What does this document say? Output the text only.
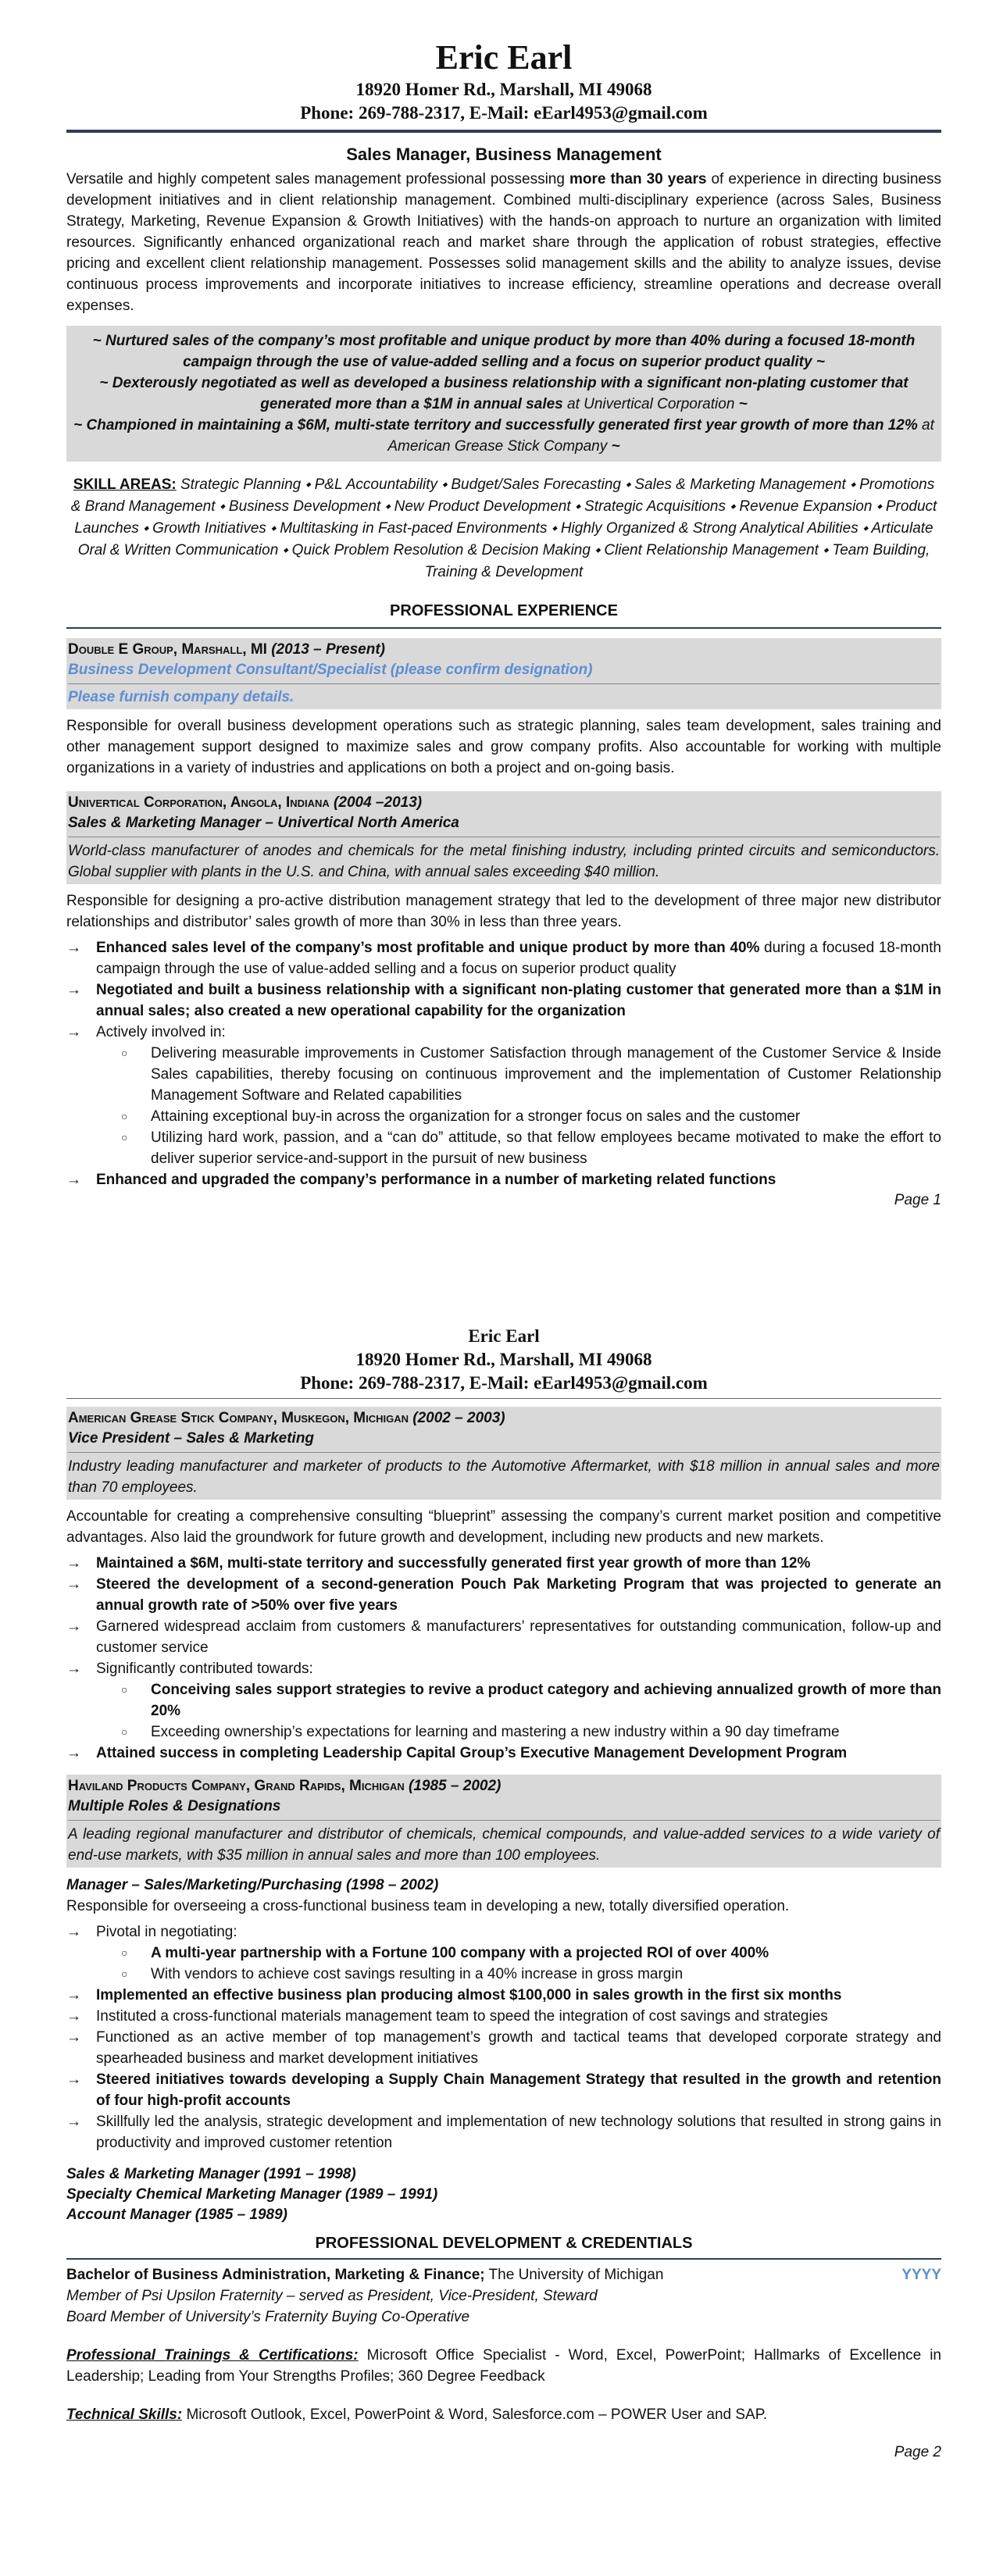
Eric Earl
18920 Homer Rd., Marshall, MI 49068
Phone: 269-788-2317, E-Mail: eEarl4953@gmail.com
Sales Manager, Business Management

Versatile and highly competent sales management professional possessing more than 30 years of experience in directing business development initiatives and in client relationship management. Combined multi-disciplinary experience (across Sales, Business Strategy, Marketing, Revenue Expansion & Growth Initiatives) with the hands-on approach to nurture an organization with limited resources. Significantly enhanced organizational reach and market share through the application of robust strategies, effective pricing and excellent client relationship management. Possesses solid management skills and the ability to analyze issues, devise continuous process improvements and incorporate initiatives to increase efficiency, streamline operations and decrease overall expenses.

~ Nurtured sales of the company’s most profitable and unique product by more than 40% during a focused 18-month campaign through the use of value-added selling and a focus on superior product quality ~
~ Dexterously negotiated as well as developed a business relationship with a significant non-plating customer that generated more than a $1M in annual sales at Univertical Corporation ~
~ Championed in maintaining a $6M, multi-state territory and successfully generated first year growth of more than 12% at American Grease Stick Company ~

SKILL AREAS: Strategic Planning ⬩ P&L Accountability ⬩ Budget/Sales Forecasting ⬩ Sales & Marketing Management ⬩ Promotions & Brand Management ⬩ Business Development ⬩ New Product Development ⬩ Strategic Acquisitions ⬩ Revenue Expansion ⬩ Product Launches ⬩ Growth Initiatives ⬩ Multitasking in Fast-paced Environments ⬩ Highly Organized & Strong Analytical Abilities ⬩ Articulate Oral & Written Communication ⬩ Quick Problem Resolution & Decision Making ⬩ Client Relationship Management ⬩ Team Building, Training & Development

PROFESSIONAL EXPERIENCE
Double E Group, Marshall, MI (2013 – Present)
Business Development Consultant/Specialist (please confirm designation)
Please furnish company details.

Responsible for overall business development operations such as strategic planning, sales team development, sales training and other management support designed to maximize sales and grow company profits. Also accountable for working with multiple organizations in a variety of industries and applications on both a project and on-going basis.

Univertical Corporation, Angola, Indiana (2004 –2013)
Sales & Marketing Manager – Univertical North America
World-class manufacturer of anodes and chemicals for the metal finishing industry, including printed circuits and semiconductors. Global supplier with plants in the U.S. and China, with annual sales exceeding $40 million.

Responsible for designing a pro-active distribution management strategy that led to the development of three major new distributor relationships and distributor’ sales growth of more than 30% in less than three years.

→ Enhanced sales level of the company’s most profitable and unique product by more than 40% during a focused 18-month campaign through the use of value-added selling and a focus on superior product quality
→ Negotiated and built a business relationship with a significant non-plating customer that generated more than a $1M in annual sales; also created a new operational capability for the organization
→ Actively involved in:
○ Delivering measurable improvements in Customer Satisfaction through management of the Customer Service & Inside Sales capabilities, thereby focusing on continuous improvement and the implementation of Customer Relationship Management Software and Related capabilities
○ Attaining exceptional buy-in across the organization for a stronger focus on sales and the customer
○ Utilizing hard work, passion, and a “can do” attitude, so that fellow employees became motivated to make the effort to deliver superior service-and-support in the pursuit of new business
→ Enhanced and upgraded the company’s performance in a number of marketing related functions
Page 1
Eric Earl
18920 Homer Rd., Marshall, MI 49068
Phone: 269-788-2317, E-Mail: eEarl4953@gmail.com
American Grease Stick Company, Muskegon, Michigan (2002 – 2003)
Vice President – Sales & Marketing
Industry leading manufacturer and marketer of products to the Automotive Aftermarket, with $18 million in annual sales and more than 70 employees.

Accountable for creating a comprehensive consulting “blueprint” assessing the company’s current market position and competitive advantages. Also laid the groundwork for future growth and development, including new products and new markets.

→ Maintained a $6M, multi-state territory and successfully generated first year growth of more than 12%
→ Steered the development of a second-generation Pouch Pak Marketing Program that was projected to generate an annual growth rate of >50% over five years
→ Garnered widespread acclaim from customers & manufacturers’ representatives for outstanding communication, follow-up and customer service
→ Significantly contributed towards:
○ Conceiving sales support strategies to revive a product category and achieving annualized growth of more than 20%
○ Exceeding ownership’s expectations for learning and mastering a new industry within a 90 day timeframe
→ Attained success in completing Leadership Capital Group’s Executive Management Development Program
Haviland Products Company, Grand Rapids, Michigan (1985 – 2002)
Multiple Roles & Designations
A leading regional manufacturer and distributor of chemicals, chemical compounds, and value-added services to a wide variety of end-use markets, with $35 million in annual sales and more than 100 employees.
Manager – Sales/Marketing/Purchasing (1998 – 2002)

Responsible for overseeing a cross-functional business team in developing a new, totally diversified operation.

→ Pivotal in negotiating:
○ A multi-year partnership with a Fortune 100 company with a projected ROI of over 400%
○ With vendors to achieve cost savings resulting in a 40% increase in gross margin
→ Implemented an effective business plan producing almost $100,000 in sales growth in the first six months
→ Instituted a cross-functional materials management team to speed the integration of cost savings and strategies
→ Functioned as an active member of top management’s growth and tactical teams that developed corporate strategy and spearheaded business and market development initiatives
→ Steered initiatives towards developing a Supply Chain Management Strategy that resulted in the growth and retention of four high-profit accounts
→ Skillfully led the analysis, strategic development and implementation of new technology solutions that resulted in strong gains in productivity and improved customer retention
Sales & Marketing Manager (1991 – 1998)
Specialty Chemical Marketing Manager (1989 – 1991)
Account Manager (1985 – 1989)
PROFESSIONAL DEVELOPMENT & CREDENTIALS
Bachelor of Business Administration, Marketing & Finance; The University of Michigan	YYYY
Member of Psi Upsilon Fraternity – served as President, Vice-President, Steward
Board Member of University’s Fraternity Buying Co-Operative

Professional Trainings & Certifications: Microsoft Office Specialist - Word, Excel, PowerPoint; Hallmarks of Excellence in Leadership; Leading from Your Strengths Profiles; 360 Degree Feedback

Technical Skills: Microsoft Outlook, Excel, PowerPoint & Word, Salesforce.com – POWER User and SAP.

Page 2
